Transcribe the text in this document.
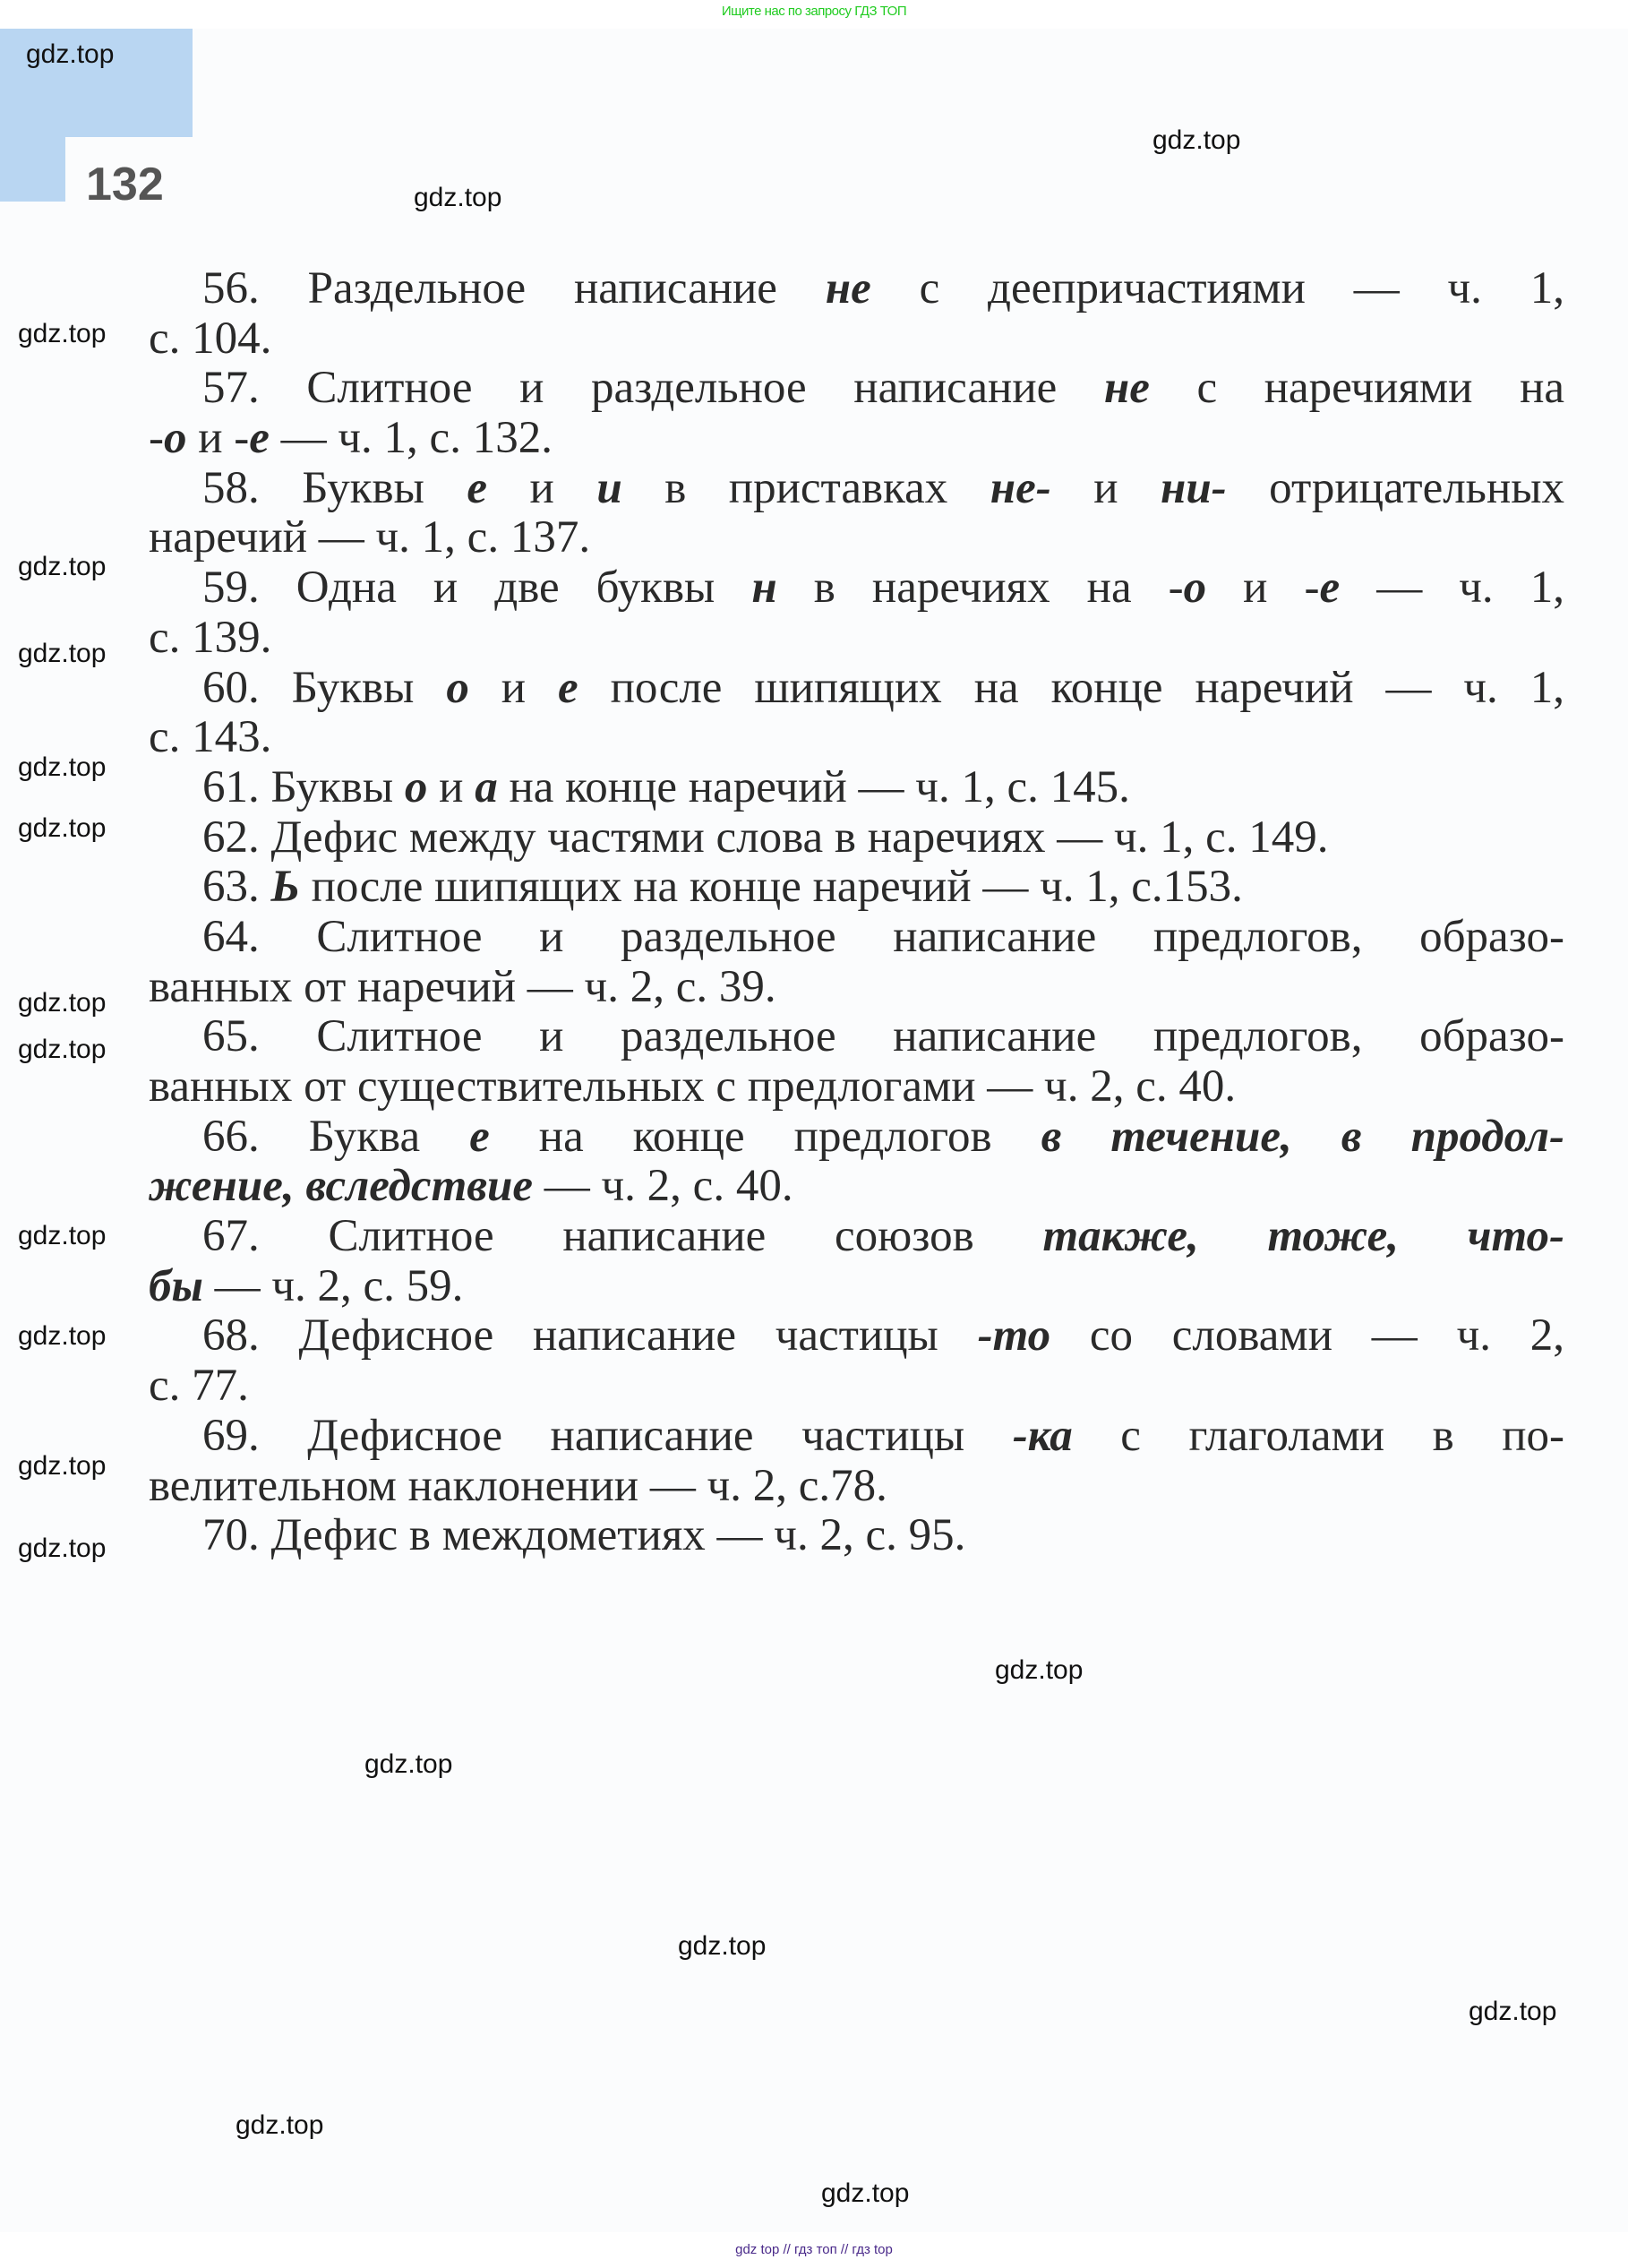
Ищите нас по запросу ГДЗ ТОП
132
56. Раздельное написание не с деепричастиями — ч. 1,
с. 104.
57. Слитное и раздельное написание не с наречиями на
-о и -е — ч. 1, с. 132.
58. Буквы е и и в приставках не- и ни- отрицательных
наречий — ч. 1, с. 137.
59. Одна и две буквы н в наречиях на -о и -е — ч. 1,
с. 139.
60. Буквы о и е после шипящих на конце наречий — ч. 1,
с. 143.
61. Буквы о и а на конце наречий — ч. 1, с. 145.
62. Дефис между частями слова в наречиях — ч. 1, с. 149.
63. Ь после шипящих на конце наречий — ч. 1, с.153.
64. Слитное и раздельное написание предлогов, образо-
ванных от наречий — ч. 2, с. 39.
65. Слитное и раздельное написание предлогов, образо-
ванных от существительных с предлогами — ч. 2, с. 40.
66. Буква е на конце предлогов в течение, в продол-
жение, вследствие — ч. 2, с. 40.
67. Слитное написание союзов также, тоже, что-
бы — ч. 2, с. 59.
68. Дефисное написание частицы -то со словами — ч. 2,
с. 77.
69. Дефисное написание частицы -ка с глаголами в по-
велительном наклонении — ч. 2, с.78.
70. Дефис в междометиях — ч. 2, с. 95.
gdz.top
gdz.top
gdz.top
gdz.top
gdz.top
gdz.top
gdz.top
gdz.top
gdz.top
gdz.top
gdz.top
gdz.top
gdz.top
gdz.top
gdz.top
gdz.top
gdz.top
gdz.top
gdz.top
gdz.top
gdz top // гдз топ // гдз top
